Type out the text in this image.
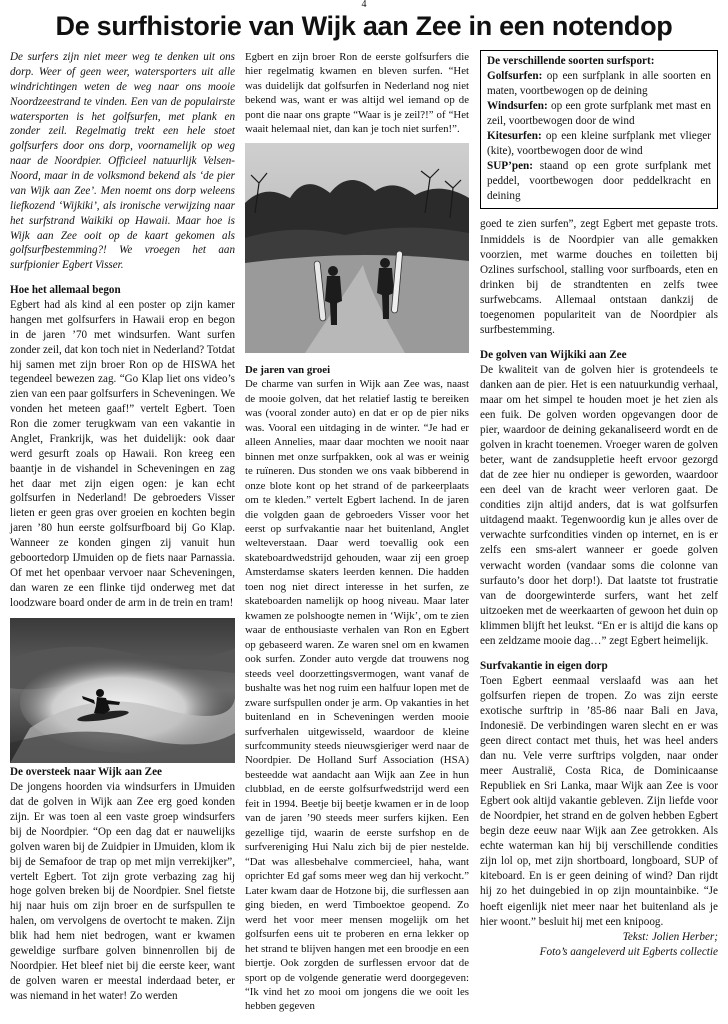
4
De surfhistorie van Wijk aan Zee in een notendop

De surfers zijn niet meer weg te denken uit ons dorp. Weer of geen weer, watersporters uit alle windrichtingen weten de weg naar ons mooie Noordzeestrand te vinden. Een van de populairste watersporten is het golfsurfen, met plank en zonder zeil. Regelmatig trekt een hele stoet golfsurfers door ons dorp, voornamelijk op weg naar de Noordpier. Officieel natuurlijk Velsen-Noord, maar in de volksmond bekend als ‘de pier van Wijk aan Zee’. Men noemt ons dorp weleens liefkozend ‘Wijkiki’, als ironische verwijzing naar het surfstrand Waikiki op Hawaii. Maar hoe is Wijk aan Zee ooit op de kaart gekomen als golfsurfbestemming?! We vroegen het aan surfpionier Egbert Visser.

Hoe het allemaal begon

Egbert had als kind al een poster op zijn kamer hangen met golfsurfers in Hawaii erop en begon in de jaren ’70 met windsurfen. Want surfen zonder zeil, dat kon toch niet in Nederland? Totdat hij samen met zijn broer Ron op de HISWA het tegendeel bewezen zag. “Go Klap liet ons video’s zien van een paar golfsurfers in Scheveningen. We vonden het meteen gaaf!” vertelt Egbert. Toen Ron die zomer terugkwam van een vakantie in Anglet, Frankrijk, was het duidelijk: ook daar werd gesurft zoals op Hawaii. Ron kreeg een baantje in de vishandel in Scheveningen en zag het daar met zijn eigen ogen: je kan echt golfsurfen in Nederland! De gebroeders Visser lieten er geen gras over groeien en kochten begin jaren ’80 hun eerste golfsurfboard bij Go Klap. Wanneer ze konden gingen zij vanuit hun geboortedorp IJmuiden op de fiets naar Parnassia. Of met het openbaar vervoer naar Scheveningen, dan waren ze een flinke tijd onderweg met dat loodzware board onder de arm in de trein en tram!

De oversteek naar Wijk aan Zee

De jongens hoorden via windsurfers in IJmuiden dat de golven in Wijk aan Zee erg goed konden zijn. Er was toen al een vaste groep windsurfers bij de Noordpier. “Op een dag dat er nauwelijks golven waren bij de Zuidpier in IJmuiden, klom ik bij de Semafoor de trap op met mijn verrekijker”, vertelt Egbert. Tot zijn grote verbazing zag hij hoge golven breken bij de Noordpier. Snel fietste hij naar huis om zijn broer en de surfspullen te halen, om vervolgens de overtocht te maken. Zijn blik had hem niet bedrogen, want er kwamen geweldige surfbare golven binnenrollen bij de Noordpier. Het bleef niet bij die eerste keer, want de golven waren er meestal inderdaad beter, er was niemand in het water! Zo werden

Egbert en zijn broer Ron de eerste golfsurfers die hier regelmatig kwamen en bleven surfen. “Het was duidelijk dat golfsurfen in Nederland nog niet bekend was, want er was altijd wel iemand op de pont die naar ons grapte “Waar is je zeil?!” of “Het waait helemaal niet, dan kan je toch niet surfen!”.

De jaren van groei

De charme van surfen in Wijk aan Zee was, naast de mooie golven, dat het relatief lastig te bereiken was (vooral zonder auto) en dat er op de pier niks was. Vooral een uitdaging in de winter. “Je had er alleen Annelies, maar daar mochten we nooit naar binnen met onze surfpakken, ook al was er weinig te ruïneren. Dus stonden we ons vaak bibberend in onze blote kont op het strand of de parkeerplaats om te kleden.” vertelt Egbert lachend. In de jaren die volgden gaan de gebroeders Visser voor het eerst op surfvakantie naar het buitenland, Anglet welteverstaan. Daar werd toevallig ook een skateboardwedstrijd gehouden, waar zij een groep Amsterdamse skaters leerden kennen. Die hadden toen nog niet direct interesse in het surfen, ze skateboarden namelijk op hoog niveau. Maar later kwamen ze polshoogte nemen in ‘Wijk’, om te zien waar de enthousiaste verhalen van Ron en Egbert op gebaseerd waren. Ze waren snel om en kwamen ook surfen. Zonder auto vergde dat trouwens nog steeds veel doorzettingsvermogen, want vanaf de bushalte was het nog ruim een halfuur lopen met de zware surfspullen onder je arm. Op vakanties in het buitenland en in Scheveningen werden mooie surfverhalen uitgewisseld, waardoor de kleine surfcommunity steeds nieuwsgieriger werd naar de Noordpier. De Holland Surf Association (HSA) besteedde wat aandacht aan Wijk aan Zee in hun clubblad, en de eerste golfsurfwedstrijd werd een feit in 1994. Beetje bij beetje kwamen er in de loop van de jaren ’90 steeds meer surfers kijken. Een gezellige tijd, waarin de eerste surfshop en de surfvereniging Hui Nalu zich bij de pier nestelde. “Dat was allesbehalve commercieel, haha, want oprichter Ed gaf soms meer weg dan hij verkocht.” Later kwam daar de Hotzone bij, die surflessen aan ging bieden, en werd Timboektoe geopend. Zo werd het voor meer mensen mogelijk om het golfsurfen eens uit te proberen en erna lekker op het strand te blijven hangen met een broodje en een biertje. Ook zorgden de surflessen ervoor dat de sport op de volgende generatie werd doorgegeven: “Ik vind het zo mooi om jongens die we ooit les hebben gegeven

De verschillende soorten surfsport:

Golfsurfen: op een surfplank in alle soorten en maten, voortbewogen op de deining

Windsurfen: op een grote surfplank met mast en zeil, voortbewogen door de wind

Kitesurfen: op een kleine surfplank met vlieger (kite), voortbewogen door de wind

SUP’pen: staand op een grote surfplank met peddel, voortbewogen door peddelkracht en deining

goed te zien surfen”, zegt Egbert met gepaste trots. Inmiddels is de Noordpier van alle gemakken voorzien, met warme douches en toiletten bij Ozlines surfschool, stalling voor surfboards, eten en drinken bij de strandtenten en zelfs twee surfwebcams. Allemaal ontstaan dankzij de toegenomen populariteit van de Noordpier als surfbestemming.

De golven van Wijkiki aan Zee

De kwaliteit van de golven hier is grotendeels te danken aan de pier. Het is een natuurkundig verhaal, maar om het simpel te houden moet je het zien als een fuik. De golven worden opgevangen door de pier, waardoor de deining gekanaliseerd wordt en de golven in kracht toenemen. Vroeger waren de golven beter, want de zandsuppletie heeft ervoor gezorgd dat de zee hier nu ondieper is geworden, waardoor een deel van de kracht weer verloren gaat. De condities zijn altijd anders, dat is wat golfsurfen uitdagend maakt. Tegenwoordig kun je alles over de verwachte surfcondities vinden op internet, en is er zelfs een sms-alert wanneer er goede golven verwacht worden (vandaar soms die colonne van surfauto’s door het dorp!). Dat laatste tot frustratie van de doorgewinterde surfers, want het zelf uitzoeken met de weerkaarten of gewoon het duin op klimmen blijft het leukst. “En er is altijd die kans op een zeldzame mooie dag…” zegt Egbert heimelijk.

Surfvakantie in eigen dorp

Toen Egbert eenmaal verslaafd was aan het golfsurfen riepen de tropen. Zo was zijn eerste exotische surftrip in ’85-86 naar Bali en Java, Indonesië. De verbindingen waren slecht en er was geen direct contact met thuis, het was heel anders dan nu. Vele verre surftrips volgden, naar onder meer Australië, Costa Rica, de Dominicaanse Republiek en Sri Lanka, maar Wijk aan Zee is voor Egbert ook altijd vakantie gebleven. Zijn liefde voor de Noordpier, het strand en de golven hebben Egbert begin deze eeuw naar Wijk aan Zee getrokken. Als echte waterman kan hij bij verschillende condities zijn lol op, met zijn shortboard, longboard, SUP of kiteboard. En is er geen deining of wind? Dan rijdt hij zo het duingebied in op zijn mountainbike. “Je hoeft eigenlijk niet meer naar het buitenland als je hier woont.” besluit hij met een knipoog.

Tekst: Jolien Herber;

Foto’s aangeleverd uit Egberts collectie
